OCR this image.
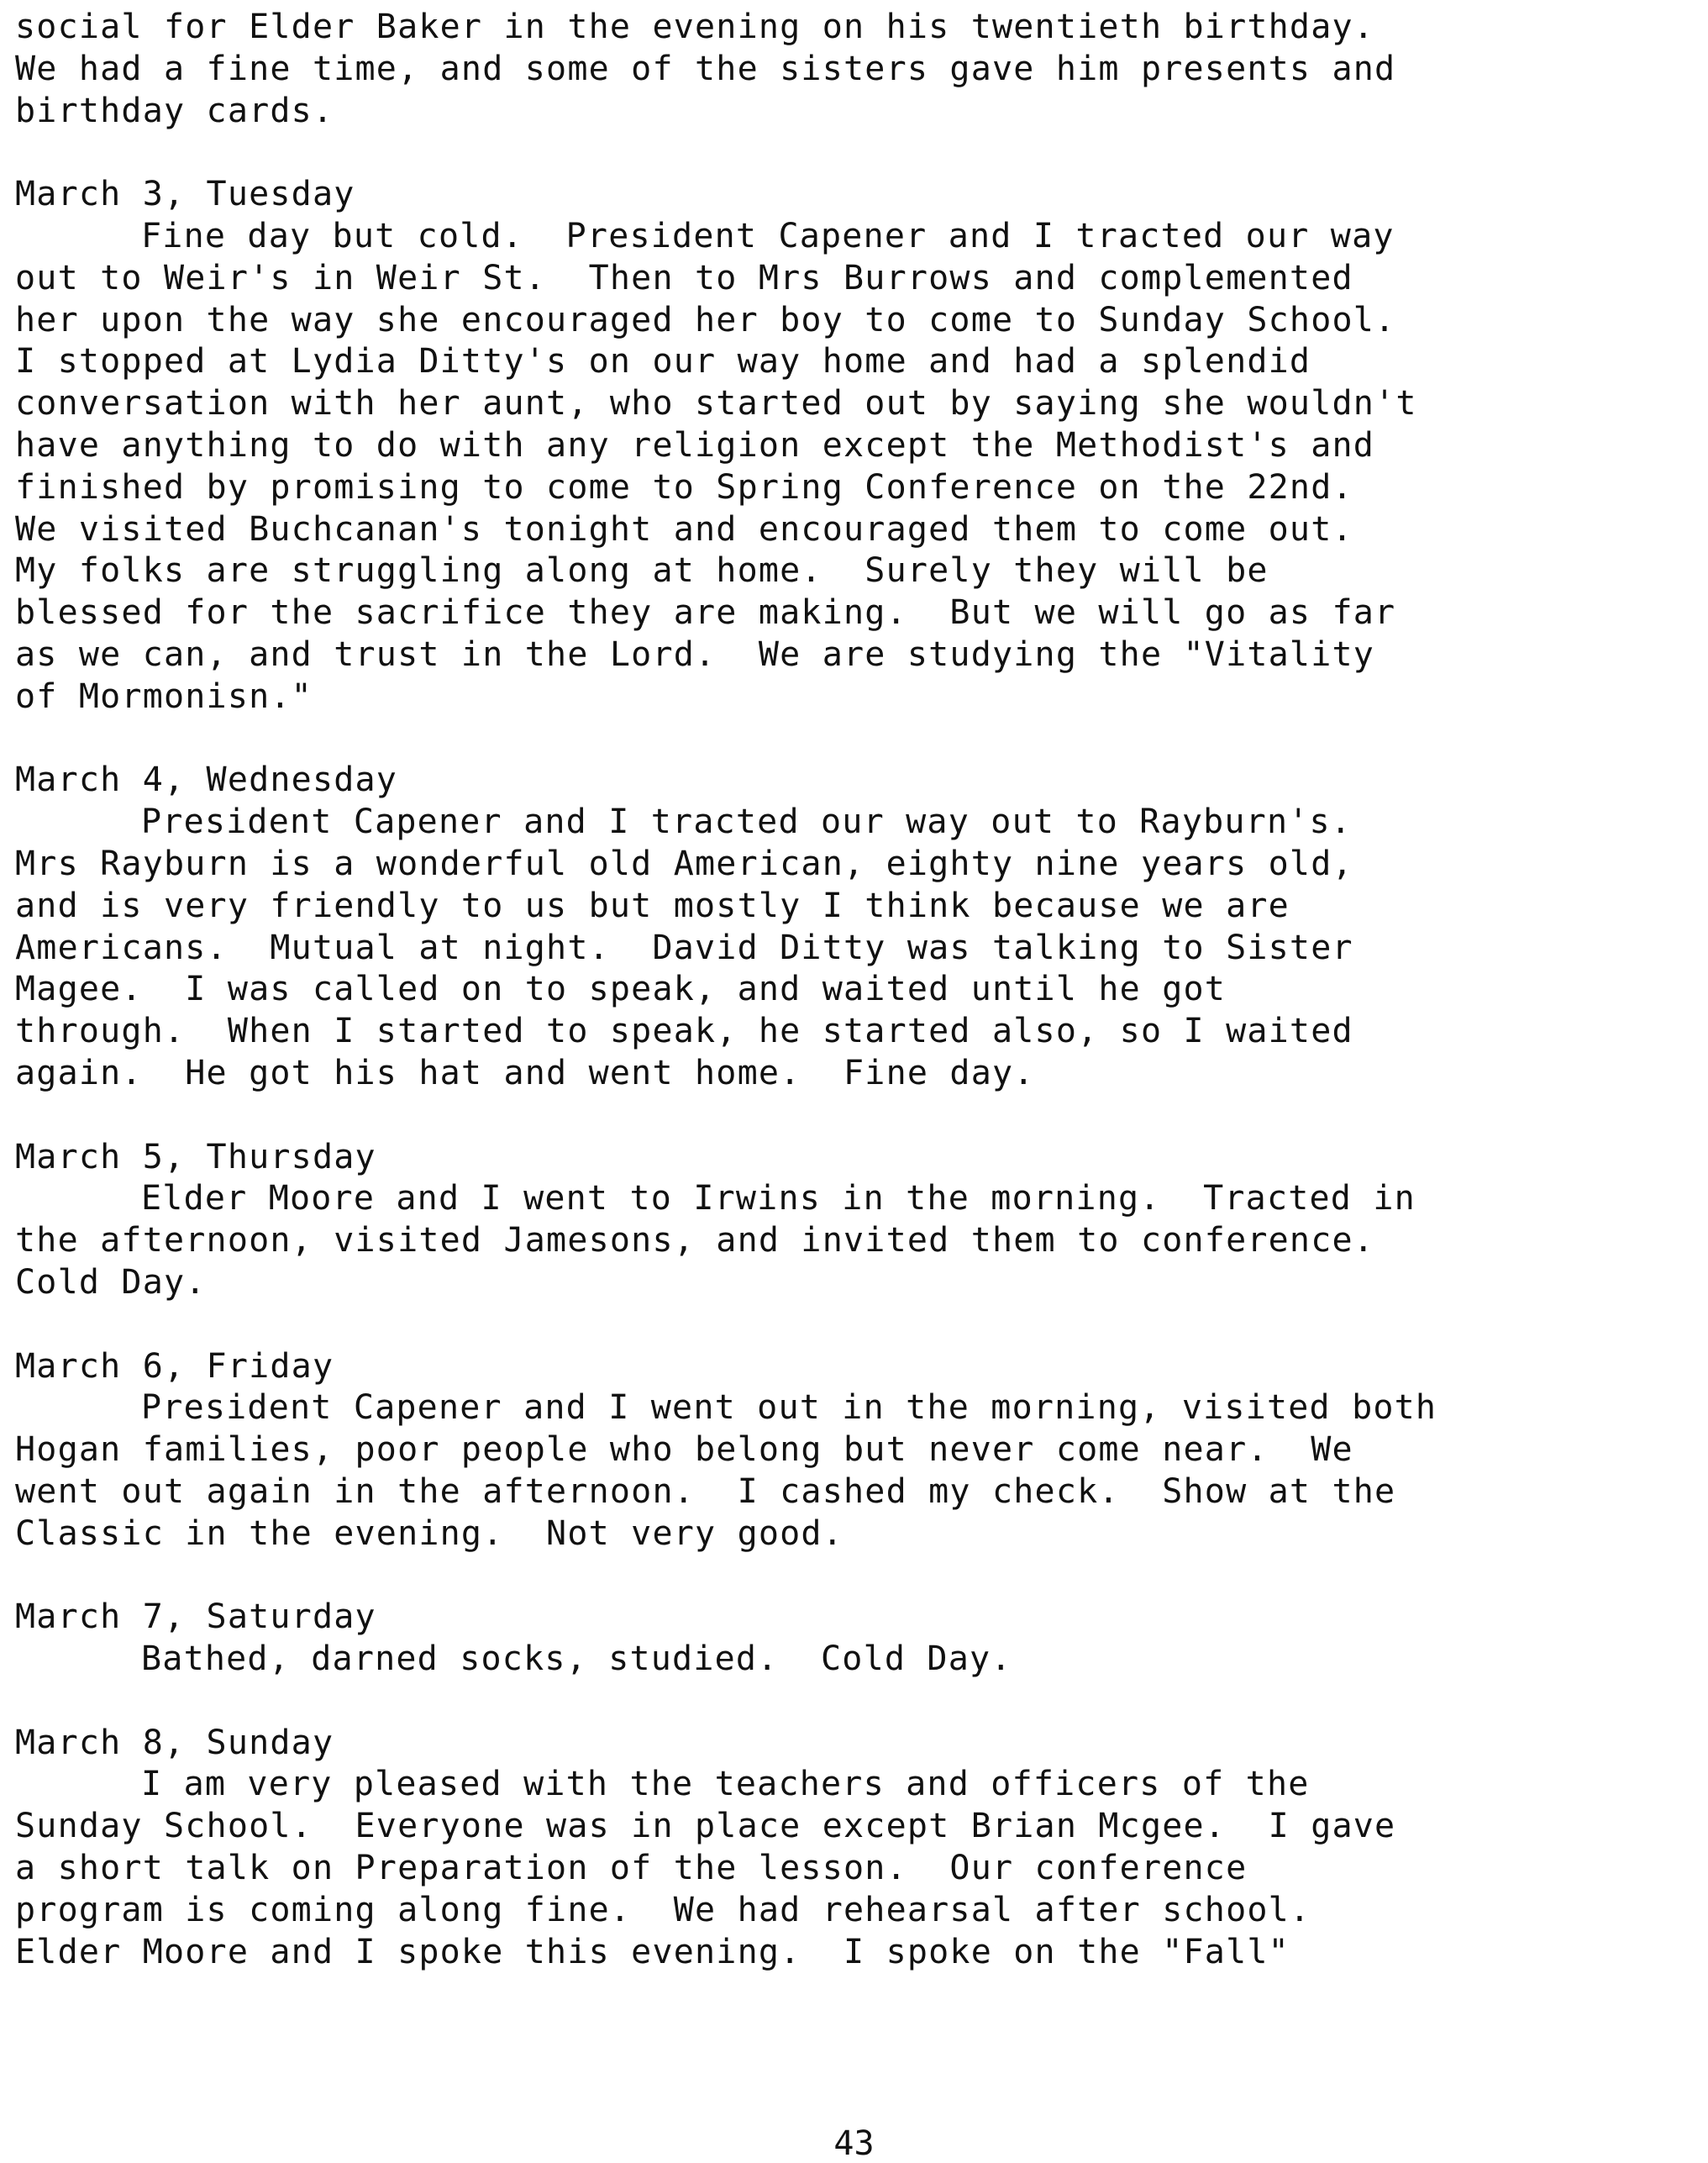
social for Elder Baker in the evening on his twentieth birthday.
We had a fine time, and some of the sisters gave him presents and
birthday cards.
March 3, Tuesday
Fine day but cold.  President Capener and I tracted our way
out to Weir's in Weir St.  Then to Mrs Burrows and complemented
her upon the way she encouraged her boy to come to Sunday School.
I stopped at Lydia Ditty's on our way home and had a splendid
conversation with her aunt, who started out by saying she wouldn't
have anything to do with any religion except the Methodist's and
finished by promising to come to Spring Conference on the 22nd.
We visited Buchcanan's tonight and encouraged them to come out.
My folks are struggling along at home.  Surely they will be
blessed for the sacrifice they are making.  But we will go as far
as we can, and trust in the Lord.  We are studying the "Vitality
of Mormonisn."
March 4, Wednesday
President Capener and I tracted our way out to Rayburn's.
Mrs Rayburn is a wonderful old American, eighty nine years old,
and is very friendly to us but mostly I think because we are
Americans.  Mutual at night.  David Ditty was talking to Sister
Magee.  I was called on to speak, and waited until he got
through.  When I started to speak, he started also, so I waited
again.  He got his hat and went home.  Fine day.
March 5, Thursday
Elder Moore and I went to Irwins in the morning.  Tracted in
the afternoon, visited Jamesons, and invited them to conference.
Cold Day.
March 6, Friday
President Capener and I went out in the morning, visited both
Hogan families, poor people who belong but never come near.  We
went out again in the afternoon.  I cashed my check.  Show at the
Classic in the evening.  Not very good.
March 7, Saturday
Bathed, darned socks, studied.  Cold Day.
March 8, Sunday
I am very pleased with the teachers and officers of the
Sunday School.  Everyone was in place except Brian Mcgee.  I gave
a short talk on Preparation of the lesson.  Our conference
program is coming along fine.  We had rehearsal after school.
Elder Moore and I spoke this evening.  I spoke on the "Fall"
43
